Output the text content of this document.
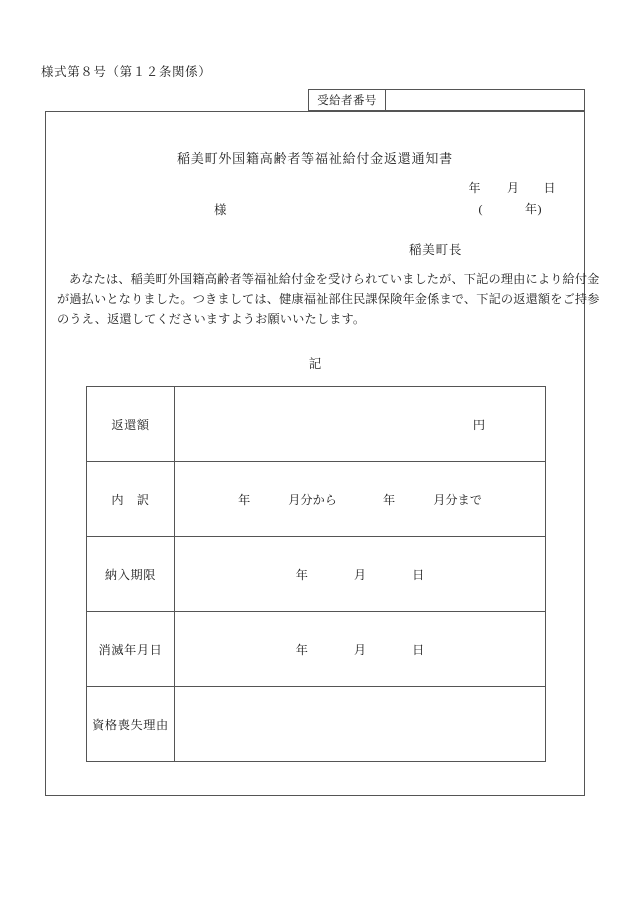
様式第８号（第１２条関係）
受給者番号
稲美町外国籍高齢者等福祉給付金返還通知書
年 月 日
(	年)
様
稲美町長
あなたは、稲美町外国籍高齢者等福祉給付金を受けられていましたが、下記の理由により給付金
が過払いとなりました。つきましては、健康福祉部住民課保険年金係まで、下記の返還額をご持参
のうえ、返還してくださいますようお願いいたします。
記
返還額	円

内　訳	年 月分から 年 月分まで

納入期限	年 月 日

消滅年月日	年 月 日

資格喪失理由	
